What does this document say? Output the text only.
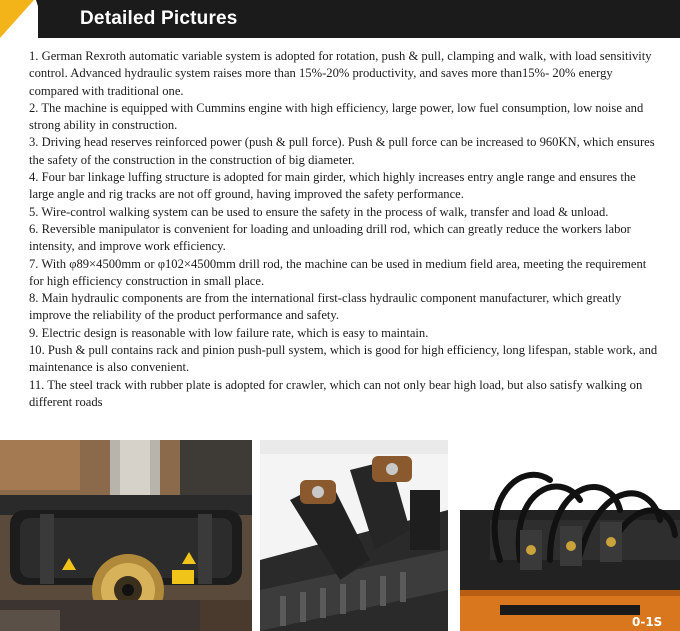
Detailed Pictures

1. German Rexroth automatic variable system is adopted for rotation, push & pull, clamping and walk, with load sensitivity control. Advanced hydraulic system raises more than 15%-20% productivity, and saves more than15%- 20% energy compared with traditional one.

2. The machine is equipped with Cummins engine with high efficiency, large power, low fuel consumption, low noise and strong ability in construction.

3. Driving head reserves reinforced power (push & pull force). Push & pull force can be increased to 960KN, which ensures the safety of the construction in the construction of big diameter.

4. Four bar linkage luffing structure is adopted for main girder, which highly increases entry angle range and ensures the large angle and rig tracks are not off ground, having improved the safety performance.

5. Wire-control walking system can be used to ensure the safety in the process of walk, transfer and load & unload.

6. Reversible manipulator is convenient for loading and unloading drill rod, which can greatly reduce the workers labor intensity, and improve work efficiency.

7. With φ89×4500mm or φ102×4500mm drill rod, the machine can be used in medium field area, meeting the requirement for high efficiency construction in small place.

8. Main hydraulic components are from the international first-class hydraulic component manufacturer, which greatly improve the reliability of the product performance and safety.

9. Electric design is reasonable with low failure rate, which is easy to maintain.

10. Push & pull contains rack and pinion push-pull system, which is good for high efficiency, long lifespan, stable work, and maintenance is also convenient.

11. The steel track with rubber plate is adopted for crawler, which can not only bear high load, but also satisfy walking on different roads

0-1S
